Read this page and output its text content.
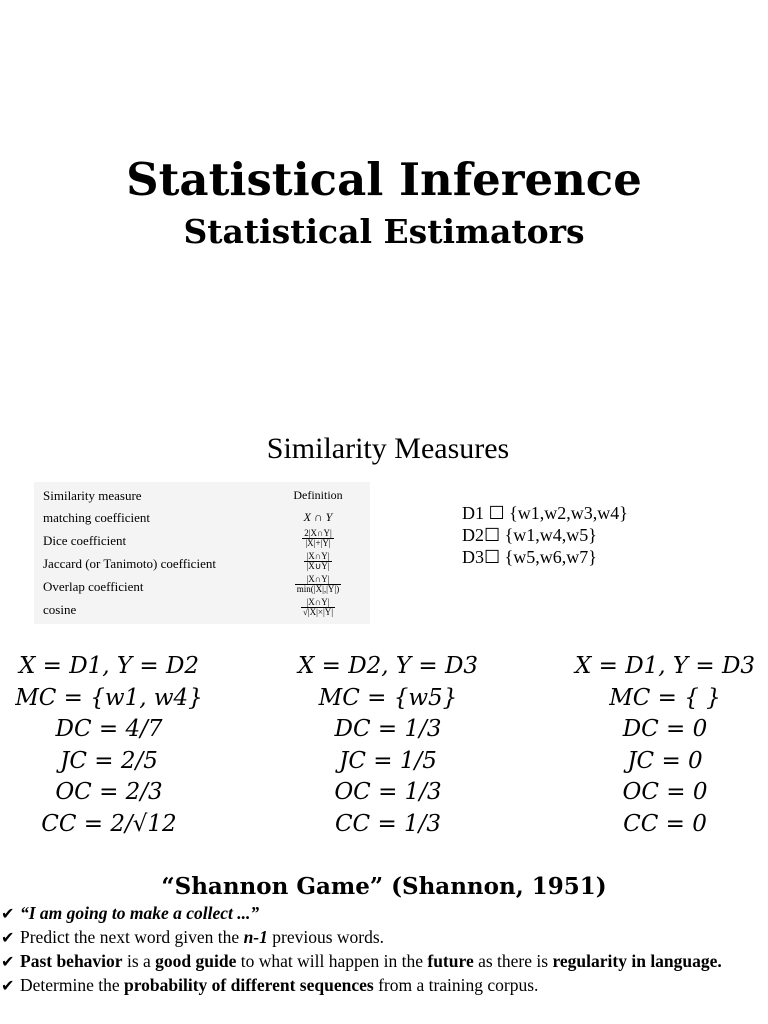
Statistical Inference
Statistical Estimators
Similarity Measures
Similarity measure	Definition
matching coefficient	X ∩ Y
Dice coefficient	$\frac{2|X\cap Y|}{|X|+|Y|}$
Jaccard (or Tanimoto) coefficient	$\frac{|X\cap Y|}{|X\cup Y|}$
Overlap coefficient	$\frac{|X\cap Y|}{\min(|X|,|Y|)}$
cosine	$\frac{|X\cap Y|}{√|X|\times|Y|}$
D1 ☐ {w1,w2,w3,w4}
D2☐ {w1,w4,w5}
D3☐ {w5,w6,w7}
X = D1, Y = D2
MC = {w1, w4}
DC = 4/7
JC = 2/5
OC = 2/3
CC = 2/√12
X = D2, Y = D3
MC = {w5}
DC = 1/3
JC = 1/5
OC = 1/3
CC = 1/3
X = D1, Y = D3
MC = { }
DC = 0
JC = 0
OC = 0
CC = 0
“Shannon Game” (Shannon, 1951)
✔ “I am going to make a collect ...”
✔ Predict the next word given the n-1 previous words.
✔ Past behavior is a good guide to what will happen in the future as there is regularity in language.
✔ Determine the probability of different sequences from a training corpus.
